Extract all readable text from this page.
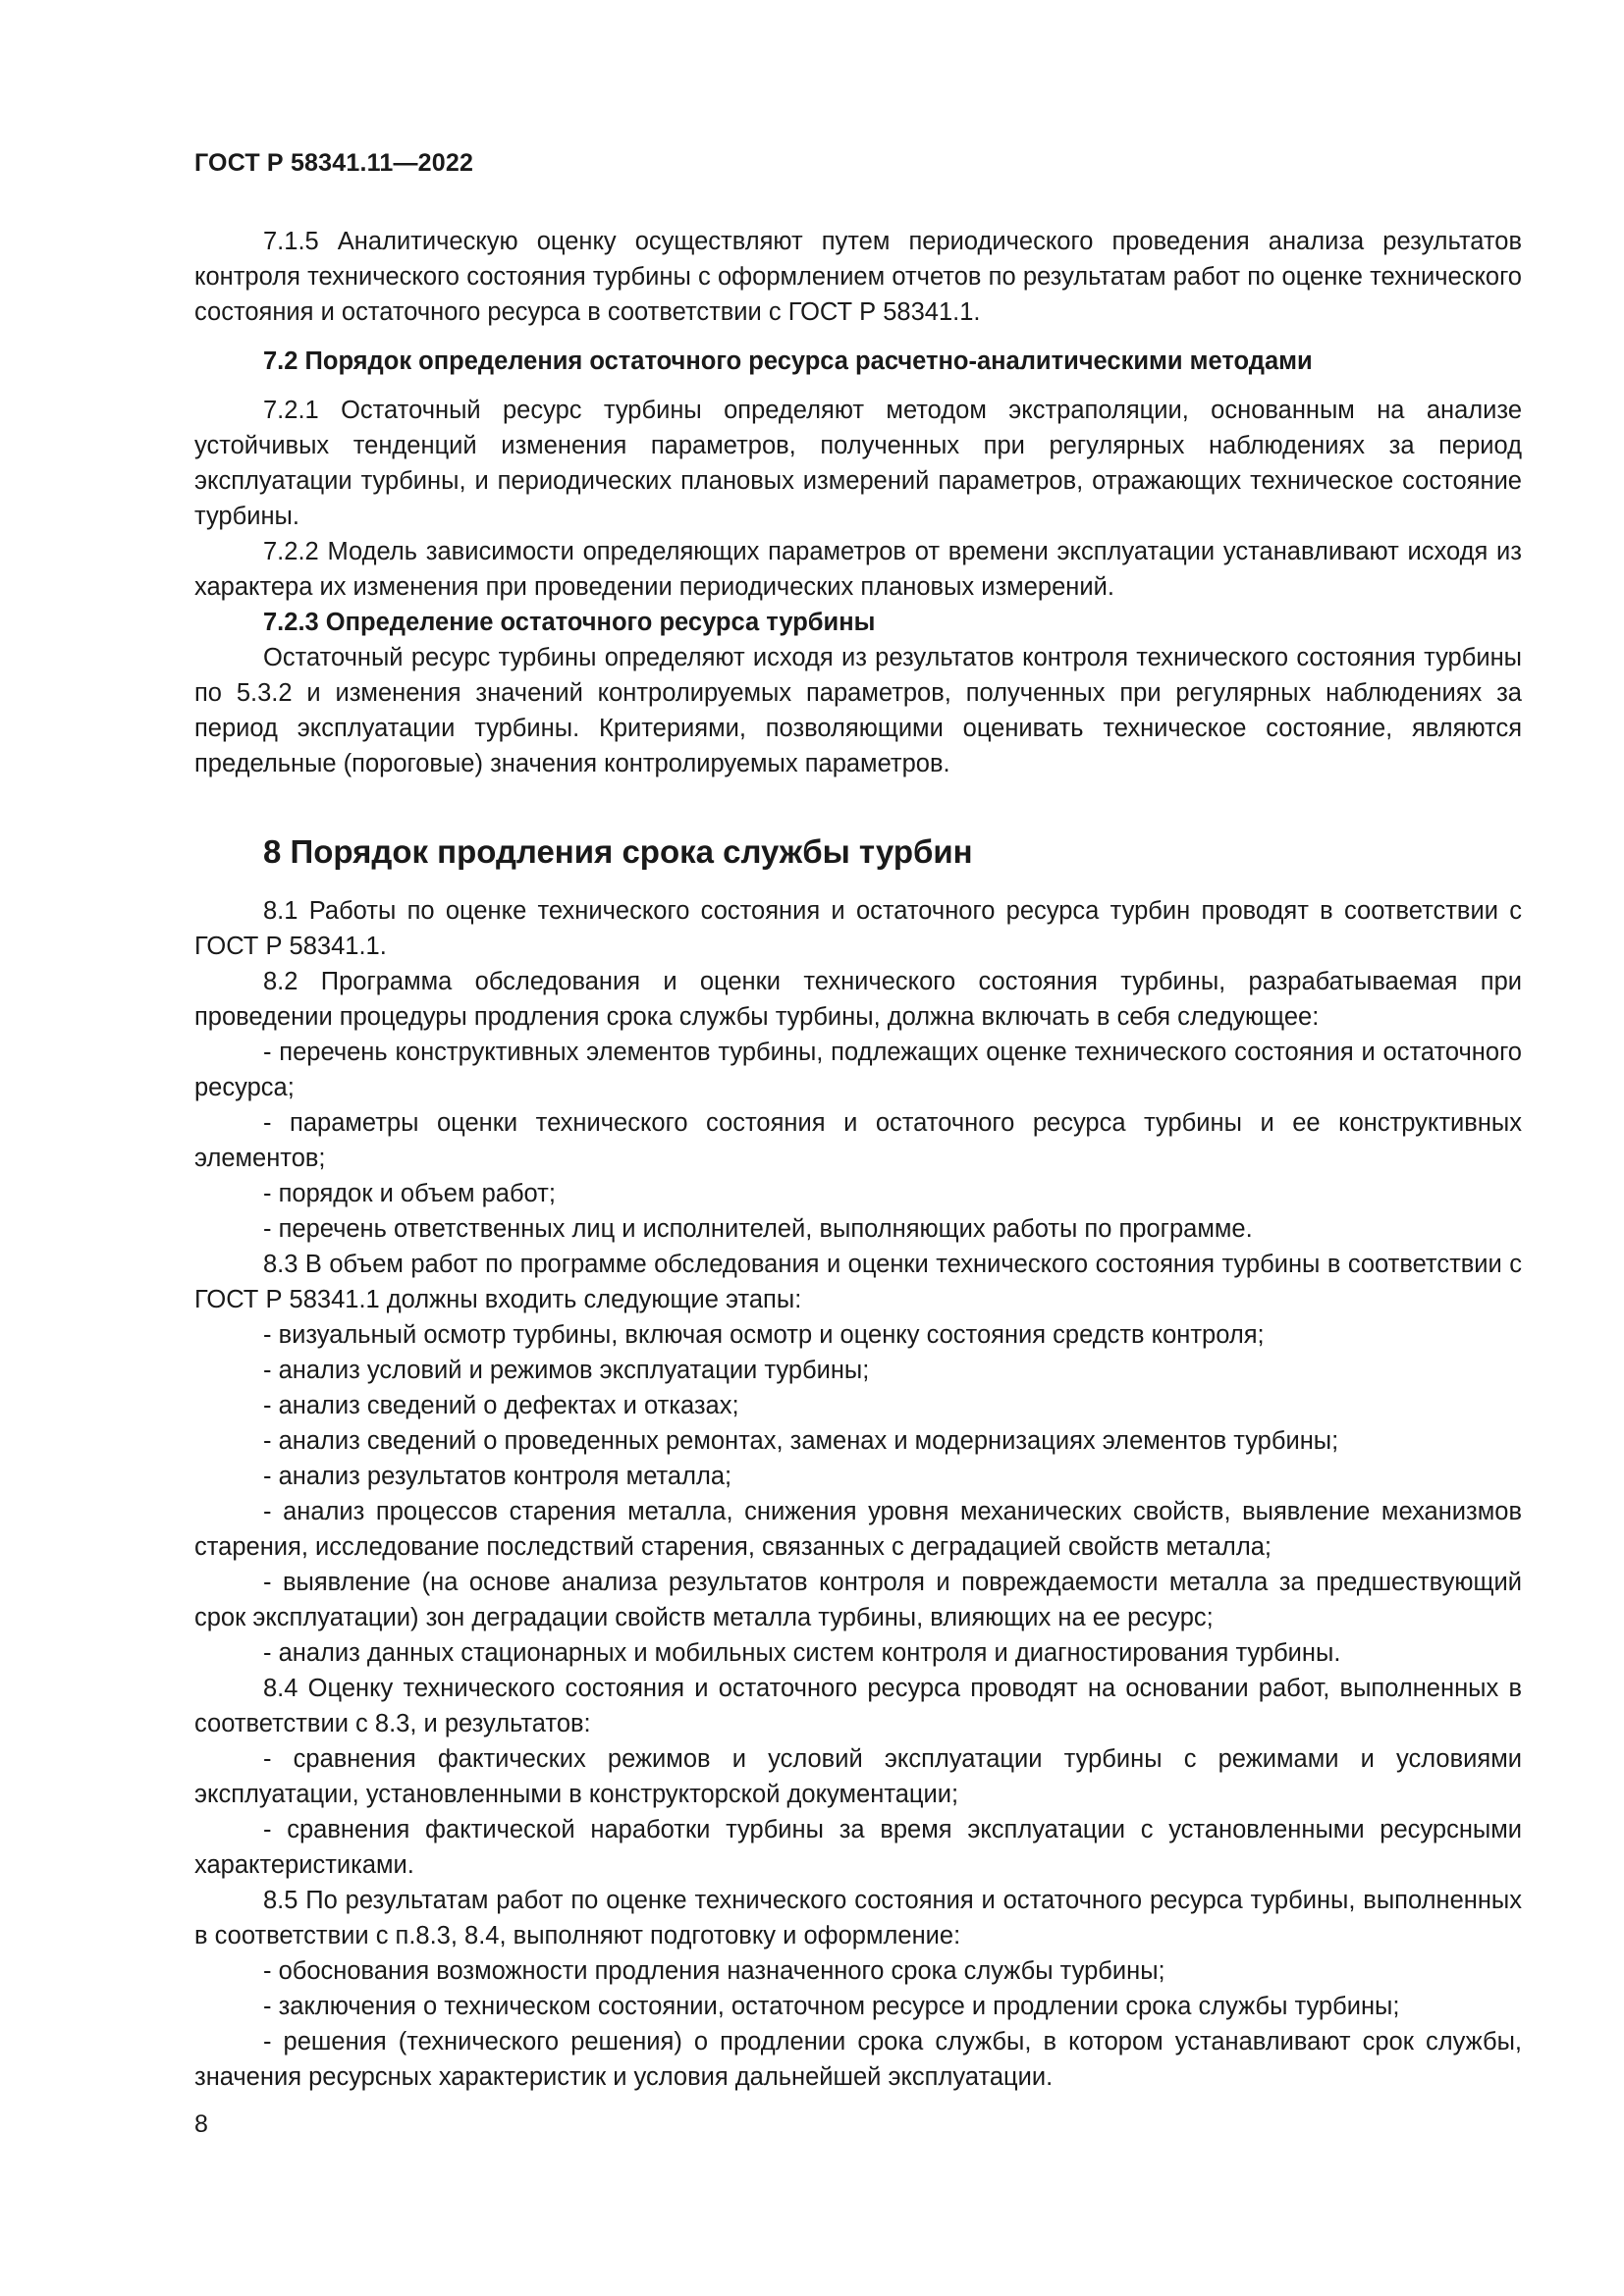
ГОСТ Р 58341.11—2022

7.1.5 Аналитическую оценку осуществляют путем периодического проведения анализа результатов контроля технического состояния турбины с оформлением отчетов по результатам работ по оценке технического состояния и остаточного ресурса в соответствии с ГОСТ Р 58341.1.

7.2 Порядок определения остаточного ресурса расчетно-аналитическими методами

7.2.1 Остаточный ресурс турбины определяют методом экстраполяции, основанным на анализе устойчивых тенденций изменения параметров, полученных при регулярных наблюдениях за период эксплуатации турбины, и периодических плановых измерений параметров, отражающих техническое состояние турбины.

7.2.2 Модель зависимости определяющих параметров от времени эксплуатации устанавливают исходя из характера их изменения при проведении периодических плановых измерений.

7.2.3 Определение остаточного ресурса турбины

Остаточный ресурс турбины определяют исходя из результатов контроля технического состояния турбины по 5.3.2 и изменения значений контролируемых параметров, полученных при регулярных наблюдениях за период эксплуатации турбины. Критериями, позволяющими оценивать техническое состояние, являются предельные (пороговые) значения контролируемых параметров.

8 Порядок продления срока службы турбин

8.1 Работы по оценке технического состояния и остаточного ресурса турбин проводят в соответствии с ГОСТ Р 58341.1.

8.2 Программа обследования и оценки технического состояния турбины, разрабатываемая при проведении процедуры продления срока службы турбины, должна включать в себя следующее:

- перечень конструктивных элементов турбины, подлежащих оценке технического состояния и остаточного ресурса;

- параметры оценки технического состояния и остаточного ресурса турбины и ее конструктивных элементов;

- порядок и объем работ;

- перечень ответственных лиц и исполнителей, выполняющих работы по программе.

8.3 В объем работ по программе обследования и оценки технического состояния турбины в соответствии с ГОСТ Р 58341.1 должны входить следующие этапы:

- визуальный осмотр турбины, включая осмотр и оценку состояния средств контроля;

- анализ условий и режимов эксплуатации турбины;

- анализ сведений о дефектах и отказах;

- анализ сведений о проведенных ремонтах, заменах и модернизациях элементов турбины;

- анализ результатов контроля металла;

- анализ процессов старения металла, снижения уровня механических свойств, выявление механизмов старения, исследование последствий старения, связанных с деградацией свойств металла;

- выявление (на основе анализа результатов контроля и повреждаемости металла за предшествующий срок эксплуатации) зон деградации свойств металла турбины, влияющих на ее ресурс;

- анализ данных стационарных и мобильных систем контроля и диагностирования турбины.

8.4 Оценку технического состояния и остаточного ресурса проводят на основании работ, выполненных в соответствии с 8.3, и результатов:

- сравнения фактических режимов и условий эксплуатации турбины с режимами и условиями эксплуатации, установленными в конструкторской документации;

- сравнения фактической наработки турбины за время эксплуатации с установленными ресурсными характеристиками.

8.5 По результатам работ по оценке технического состояния и остаточного ресурса турбины, выполненных в соответствии с п.8.3, 8.4, выполняют подготовку и оформление:

- обоснования возможности продления назначенного срока службы турбины;

- заключения о техническом состоянии, остаточном ресурсе и продлении срока службы турбины;

- решения (технического решения) о продлении срока службы, в котором устанавливают срок службы, значения ресурсных характеристик и условия дальнейшей эксплуатации.

8
